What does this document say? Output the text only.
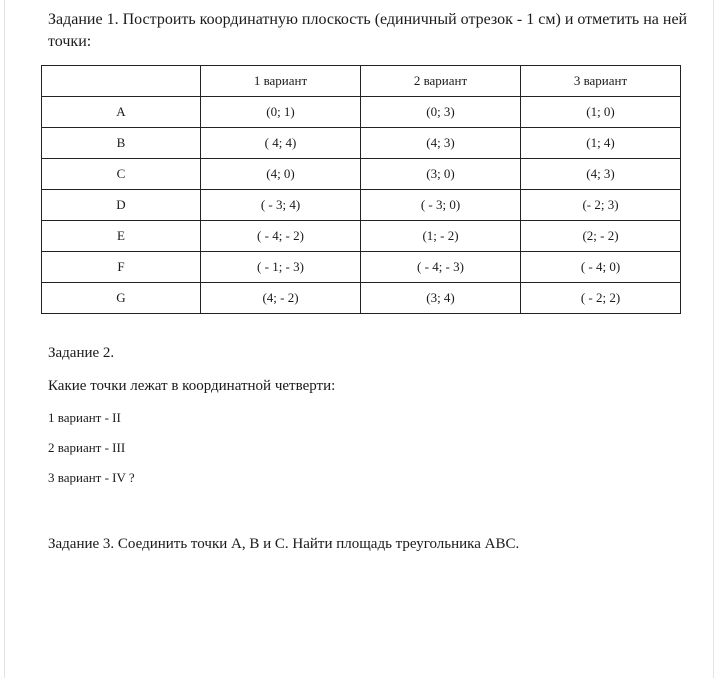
Задание 1. Построить координатную плоскость (единичный отрезок - 1 см) и отметить на ней точки:
	1 вариант	2 вариант	3 вариант
A	(0; 1)	(0; 3)	(1; 0)
B	( 4; 4)	(4; 3)	(1; 4)
C	(4; 0)	(3; 0)	(4; 3)
D	( - 3; 4)	( - 3; 0)	(- 2; 3)
E	( - 4; - 2)	(1; - 2)	(2; - 2)
F	( - 1; - 3)	( - 4; - 3)	( - 4; 0)
G	(4; - 2)	(3; 4)	( - 2; 2)
Задание 2.
Какие точки лежат в координатной четверти:
1 вариант - II
2 вариант - III
3 вариант - IV ?
Задание 3. Соединить точки А, В и С. Найти площадь треугольника АВС.
